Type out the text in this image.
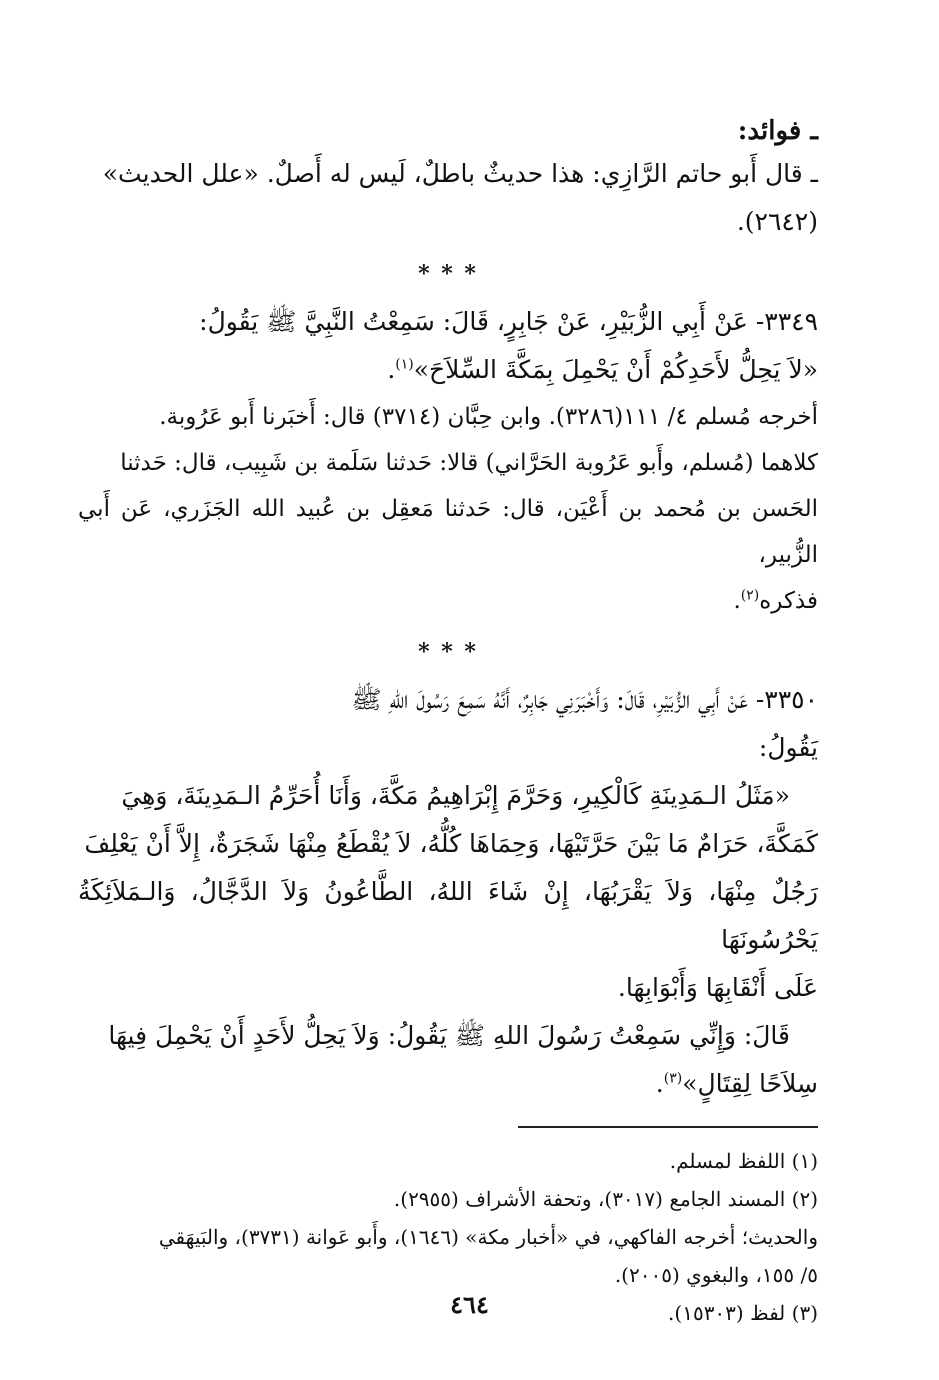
ـ فوائد:

ـ قال أَبو حاتم الرَّازِي: هذا حديثٌ باطلٌ، لَيس له أَصلٌ. «علل الحديث»

(٢٦٤٢).

* * *

٣٣٤٩- عَنْ أَبِي الزُّبَيْرِ، عَنْ جَابِرٍ، قَالَ: سَمِعْتُ النَّبِيَّ ﷺ يَقُولُ:

«لاَ يَحِلُّ لأَحَدِكُمْ أَنْ يَحْمِلَ بِمَكَّةَ السِّلاَحَ»$^{(١)}$.

أخرجه مُسلم ٤/ ١١١(٣٢٨٦). وابن حِبَّان (٣٧١٤) قال: أَخبَرنا أَبو عَرُوبة.

كلاهما (مُسلم، وأَبو عَرُوبة الحَرَّاني) قالا: حَدثنا سَلَمة بن شَبِيب، قال: حَدثنا

الحَسن بن مُحمد بن أَعْيَن، قال: حَدثنا مَعقِل بن عُبيد الله الجَزَري، عَن أَبي الزُّبير،

فذكره$^{(٢)}$.

* * *

٣٣٥٠- عَنْ أَبِي الزُّبَيْرِ، قَالَ: وَأَخْبَرَنِي جَابِرٌ، أَنَّهُ سَمِعَ رَسُولَ اللهِ ﷺ

يَقُولُ:

«مَثَلُ الـمَدِينَةِ كَالْكِيرِ، وَحَرَّمَ إِبْرَاهِيمُ مَكَّةَ، وَأَنَا أُحَرِّمُ الـمَدِينَةَ، وَهِيَ

كَمَكَّةَ، حَرَامٌ مَا بَيْنَ حَرَّتَيْهَا، وَحِمَاهَا كُلُّهُ، لاَ يُقْطَعُ مِنْهَا شَجَرَةٌ، إِلاَّ أَنْ يَعْلِفَ

رَجُلٌ مِنْهَا، وَلاَ يَقْرَبُهَا، إِنْ شَاءَ اللهُ، الطَّاعُونُ وَلاَ الدَّجَّالُ، وَالـمَلاَئِكَةُ يَحْرُسُونَهَا

عَلَى أَنْقَابِهَا وَأَبْوَابِهَا.

قَالَ: وَإِنِّي سَمِعْتُ رَسُولَ اللهِ ﷺ يَقُولُ: وَلاَ يَحِلُّ لأَحَدٍ أَنْ يَحْمِلَ فِيهَا

سِلاَحًا لِقِتَالٍ»$^{(٣)}$.

(١) اللفظ لمسلم.

(٢) المسند الجامع (٣٠١٧)، وتحفة الأشراف (٢٩٥٥).

والحديث؛ أخرجه الفاكهي، في «أخبار مكة» (١٦٤٦)، وأَبو عَوانة (٣٧٣١)، والبَيهَقي

٥/ ١٥٥، والبغوي (٢٠٠٥).

(٣) لفظ (١٥٣٠٣).

٤٦٤
